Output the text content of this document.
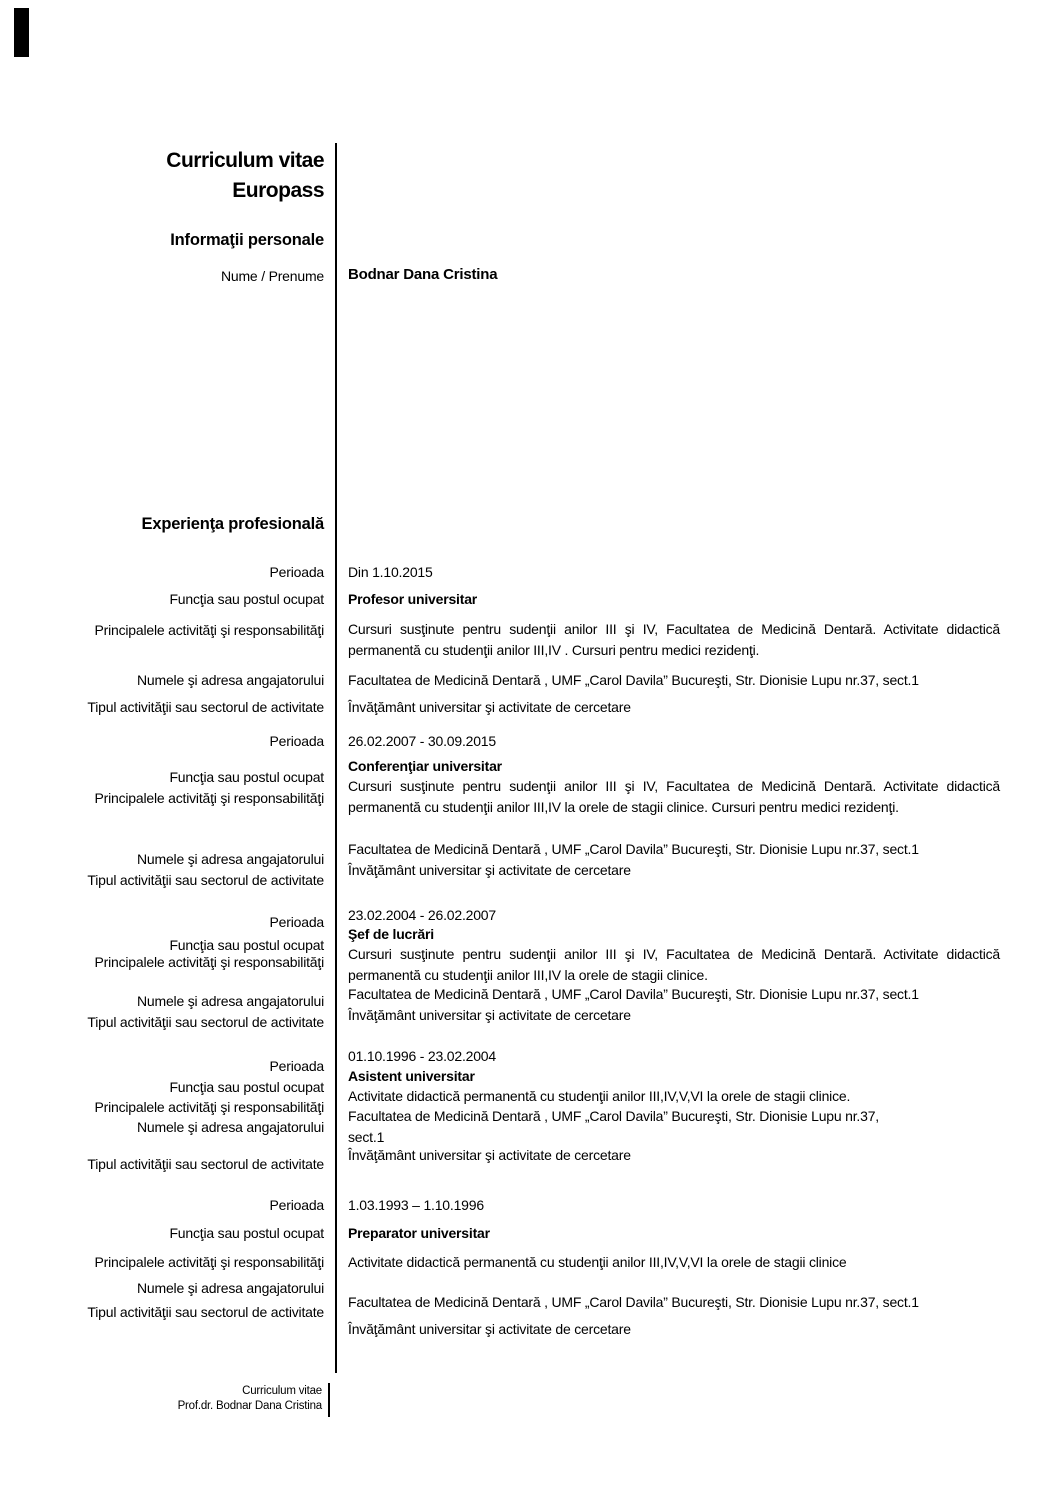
Curriculum vitae
Europass
Informaţii personale
Nume / Prenume Bodnar Dana Cristina
Experienţa profesională
Perioada Din 1.10.2015
Funcţia sau postul ocupat Profesor universitar
Principalele activităţi şi responsabilităţi Cursuri susţinute pentru sudenţii anilor III şi IV, Facultatea de Medicină Dentară. Activitate didactică permanentă cu studenţii anilor III,IV . Cursuri pentru medici rezidenţi.
Numele şi adresa angajatorului Facultatea de Medicină Dentară , UMF „Carol Davila” Bucureşti, Str. Dionisie Lupu nr.37, sect.1
Tipul activităţii sau sectorul de activitate Învăţământ universitar şi activitate de cercetare
Perioada 26.02.2007 - 30.09.2015
Conferenţiar universitar
Funcţia sau postul ocupat
Principalele activităţi şi responsabilităţi
Cursuri susţinute pentru sudenţii anilor III şi IV, Facultatea de Medicină Dentară. Activitate didactică permanentă cu studenţii anilor III,IV la orele de stagii clinice. Cursuri pentru medici rezidenţi.
Numele şi adresa angajatorului
Facultatea de Medicină Dentară , UMF „Carol Davila” Bucureşti, Str. Dionisie Lupu nr.37, sect.1
Tipul activităţii sau sectorul de activitate
Învăţământ universitar şi activitate de cercetare
Perioada 23.02.2004 - 26.02.2007
Funcţia sau postul ocupat
Şef de lucrări
Principalele activităţi şi responsabilităţi Cursuri susţinute pentru sudenţii anilor III şi IV, Facultatea de Medicină Dentară. Activitate didactică permanentă cu studenţii anilor III,IV la orele de stagii clinice.
Numele şi adresa angajatorului Facultatea de Medicină Dentară , UMF „Carol Davila” Bucureşti, Str. Dionisie Lupu nr.37, sect.1
Tipul activităţii sau sectorul de activitate Învăţământ universitar şi activitate de cercetare
Perioada
01.10.1996 - 23.02.2004
Funcţia sau postul ocupat
Asistent universitar
Principalele activităţi şi responsabilităţi
Activitate didactică permanentă cu studenţii anilor III,IV,V,VI la orele de stagii clinice.
Numele şi adresa angajatorului
Facultatea de Medicină Dentară , UMF „Carol Davila” Bucureşti, Str. Dionisie Lupu nr.37,
sect.1
Tipul activităţii sau sectorul de activitate
Învăţământ universitar şi activitate de cercetare
Perioada 1.03.1993 – 1.10.1996
Funcţia sau postul ocupat Preparator universitar
Principalele activităţi şi responsabilităţi Activitate didactică permanentă cu studenţii anilor III,IV,V,VI la orele de stagii clinice
Numele şi adresa angajatorului
Facultatea de Medicină Dentară , UMF „Carol Davila” Bucureşti, Str. Dionisie Lupu nr.37, sect.1
Tipul activităţii sau sectorul de activitate
Învăţământ universitar şi activitate de cercetare
Curriculum vitae
Prof.dr. Bodnar Dana Cristina
